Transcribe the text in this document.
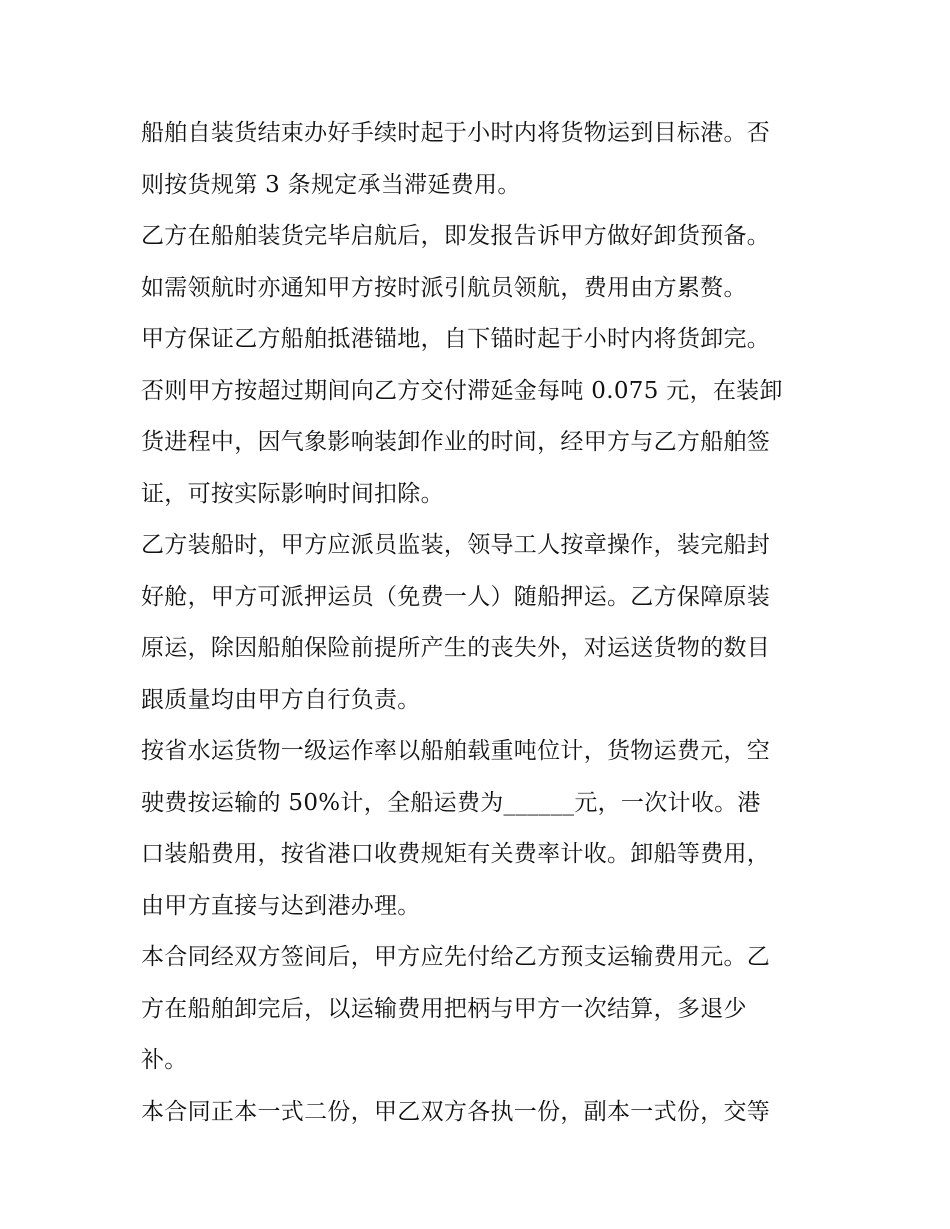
船舶自装货结束办好手续时起于小时内将货物运到目标港。否
则按货规第 3 条规定承当滞延费用。
乙方在船舶装货完毕启航后，即发报告诉甲方做好卸货预备。
如需领航时亦通知甲方按时派引航员领航，费用由方累赘。
甲方保证乙方船舶抵港锚地，自下锚时起于小时内将货卸完。
否则甲方按超过期间向乙方交付滞延金每吨 0.075 元，在装卸
货进程中，因气象影响装卸作业的时间，经甲方与乙方船舶签
证，可按实际影响时间扣除。
乙方装船时，甲方应派员监装，领导工人按章操作，装完船封
好舱，甲方可派押运员（免费一人）随船押运。乙方保障原装
原运，除因船舶保险前提所产生的丧失外，对运送货物的数目
跟质量均由甲方自行负责。
按省水运货物一级运作率以船舶载重吨位计，货物运费元，空
驶费按运输的 50%计，全船运费为______元，一次计收。港
口装船费用，按省港口收费规矩有关费率计收。卸船等费用，
由甲方直接与达到港办理。
本合同经双方签间后，甲方应先付给乙方预支运输费用元。乙
方在船舶卸完后，以运输费用把柄与甲方一次结算，多退少
补。
本合同正本一式二份，甲乙双方各执一份，副本一式份，交等
